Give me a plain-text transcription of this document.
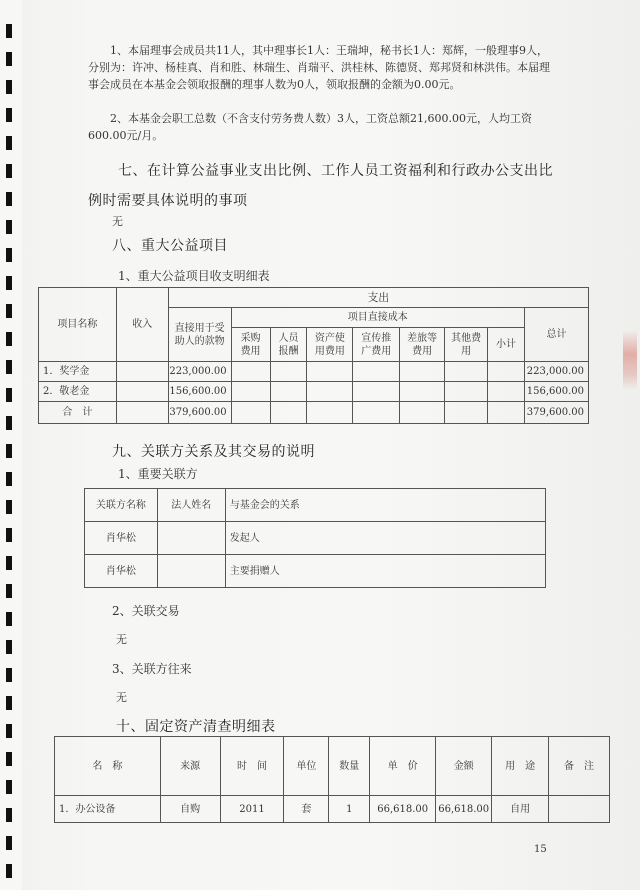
1、本届理事会成员共11人，其中理事长1人：王瑞坤，秘书长1人：郑辉，一般理事9人，分别为：许冲、杨桂真、肖和胜、林瑞生、肖瑞平、洪桂林、陈德贤、郑邦贤和林洪伟。本届理事会成员在本基金会领取报酬的理事人数为0人，领取报酬的金额为0.00元。
2、本基金会职工总数（不含支付劳务费人数）3人，工资总额21,600.00元，人均工资600.00元/月。
七、在计算公益事业支出比例、工作人员工资福利和行政办公支出比例时需要具体说明的事项
无
八、重大公益项目
1、重大公益项目收支明细表
项目名称	收入	支出								
		直接用于受助人的款物	项目直接成本							总计
			采购费用	人员报酬	资产使用费用	宣传推广费用	差旅等费用	其他费用	小计	
1．奖学金		223,000.00								223,000.00
2．敬老金		156,600.00								156,600.00
合　计		379,600.00								379,600.00
九、关联方关系及其交易的说明
1、重要关联方
关联方名称	法人姓名	与基金会的关系
肖华松		发起人
肖华松		主要捐赠人
2、关联交易
无
3、关联方往来
无
十、固定资产清查明细表
名　称	来源	时　间	单位	数量	单　价	金额	用　途	备　注
1．办公设备	自购	2011	套	1	66,618.00	66,618.00	自用	
15
